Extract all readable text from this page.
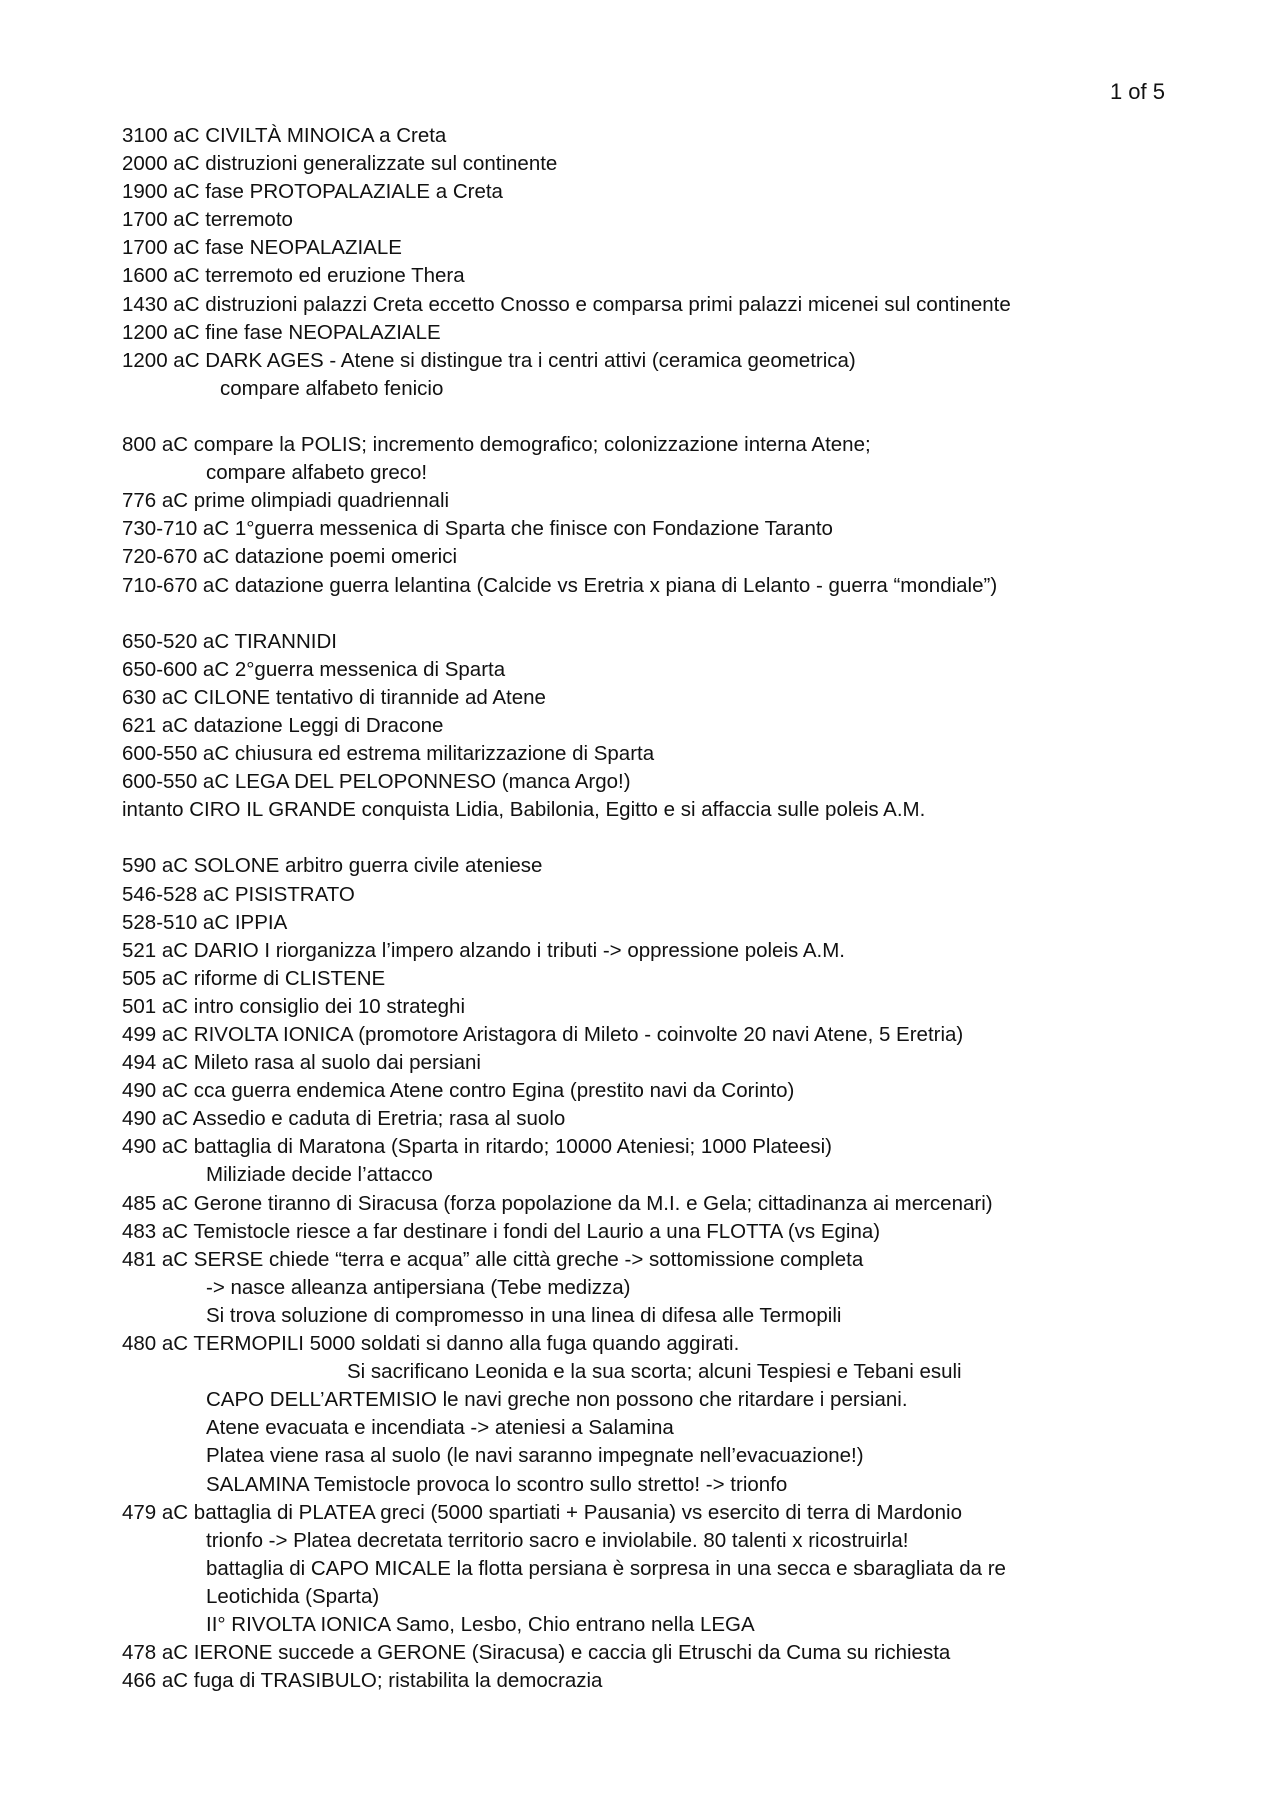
1 of 5
3100 aC CIVILTÀ MINOICA a Creta
2000 aC distruzioni generalizzate sul continente
1900 aC fase PROTOPALAZIALE a Creta
1700 aC terremoto
1700 aC fase NEOPALAZIALE
1600 aC terremoto ed eruzione Thera
1430 aC distruzioni palazzi Creta eccetto Cnosso e comparsa primi palazzi micenei sul continente
1200 aC fine fase NEOPALAZIALE
1200 aC DARK AGES - Atene si distingue tra i centri attivi (ceramica geometrica)
compare alfabeto fenicio
800 aC compare la POLIS; incremento demografico; colonizzazione interna Atene;
compare alfabeto greco!
776 aC prime olimpiadi quadriennali
730-710 aC 1°guerra messenica di Sparta che finisce con Fondazione Taranto
720-670 aC datazione poemi omerici
710-670 aC datazione guerra lelantina (Calcide vs Eretria x piana di Lelanto - guerra “mondiale”)
650-520 aC TIRANNIDI
650-600 aC 2°guerra messenica di Sparta
630 aC CILONE tentativo di tirannide ad Atene
621 aC datazione Leggi di Dracone
600-550 aC chiusura ed estrema militarizzazione di Sparta
600-550 aC LEGA DEL PELOPONNESO (manca Argo!)
intanto CIRO IL GRANDE conquista Lidia, Babilonia, Egitto e si affaccia sulle poleis A.M.
590 aC SOLONE arbitro guerra civile ateniese
546-528 aC PISISTRATO
528-510 aC IPPIA
521 aC DARIO I riorganizza l’impero alzando i tributi -> oppressione poleis A.M.
505 aC riforme di CLISTENE
501 aC intro consiglio dei 10 strateghi
499 aC RIVOLTA IONICA (promotore Aristagora di Mileto - coinvolte 20 navi Atene, 5 Eretria)
494 aC Mileto rasa al suolo dai persiani
490 aC cca guerra endemica Atene contro Egina (prestito navi da Corinto)
490 aC Assedio e caduta di Eretria; rasa al suolo
490 aC battaglia di Maratona (Sparta in ritardo; 10000 Ateniesi; 1000 Plateesi)
Miliziade decide l’attacco
485 aC Gerone tiranno di Siracusa (forza popolazione da M.I. e Gela; cittadinanza ai mercenari)
483 aC Temistocle riesce a far destinare i fondi del Laurio a una FLOTTA (vs Egina)
481 aC SERSE chiede “terra e acqua” alle città greche -> sottomissione completa
-> nasce alleanza antipersiana (Tebe medizza)
Si trova soluzione di compromesso in una linea di difesa alle Termopili
480 aC TERMOPILI 5000 soldati si danno alla fuga quando aggirati.
Si sacrificano Leonida e la sua scorta; alcuni Tespiesi e Tebani esuli
CAPO DELL’ARTEMISIO le navi greche non possono che ritardare i persiani.
Atene evacuata e incendiata -> ateniesi a Salamina
Platea viene rasa al suolo (le navi saranno impegnate nell’evacuazione!)
SALAMINA Temistocle provoca lo scontro sullo stretto! -> trionfo
479 aC battaglia di PLATEA greci (5000 spartiati + Pausania) vs esercito di terra di Mardonio
trionfo -> Platea decretata territorio sacro e inviolabile. 80 talenti x ricostruirla!
battaglia di CAPO MICALE la flotta persiana è sorpresa in una secca e sbaragliata da re
Leotichida (Sparta)
II° RIVOLTA IONICA Samo, Lesbo, Chio entrano nella LEGA
478 aC IERONE succede a GERONE (Siracusa) e caccia gli Etruschi da Cuma su richiesta
466 aC fuga di TRASIBULO; ristabilita la democrazia
